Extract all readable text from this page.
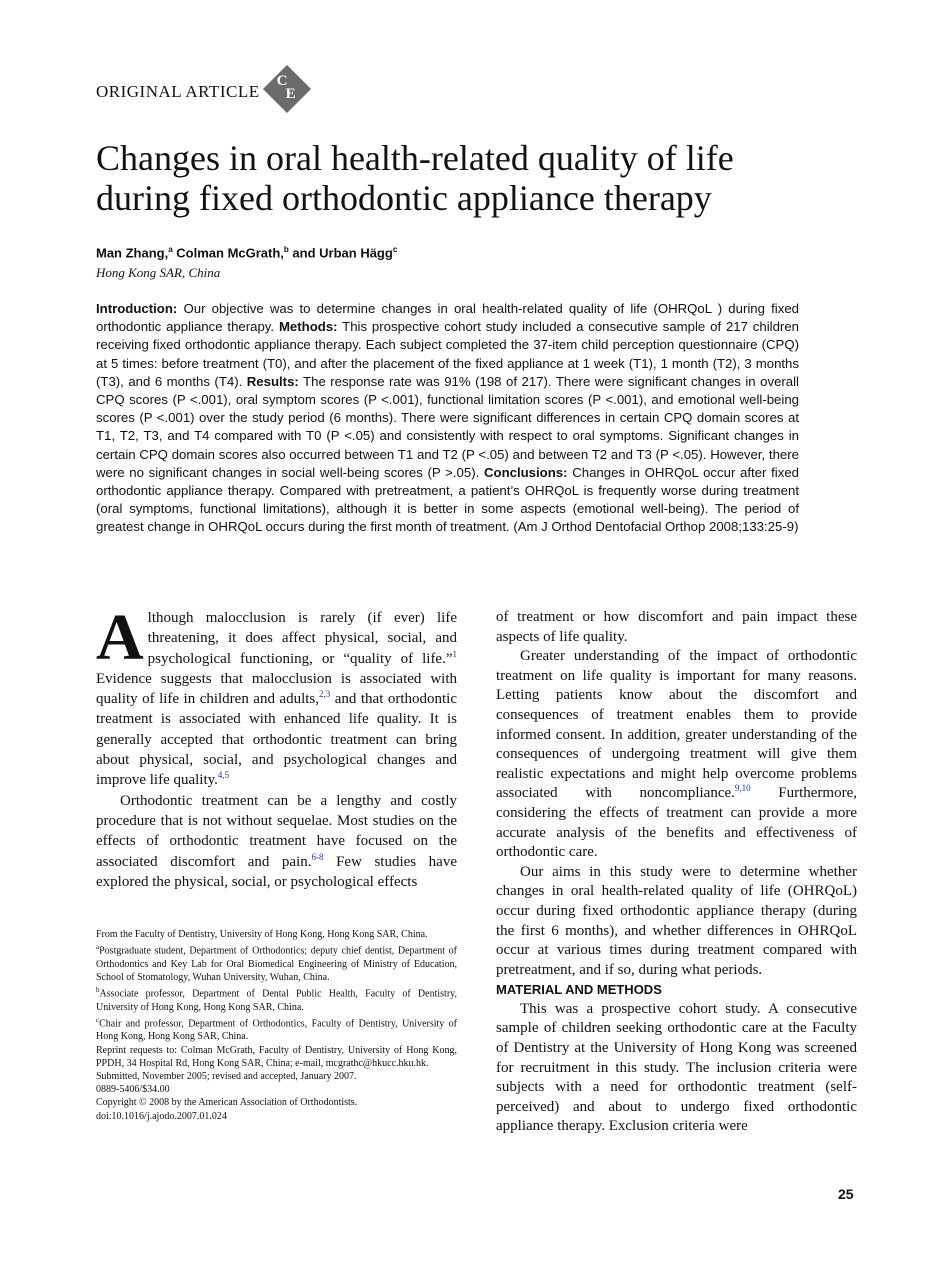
ORIGINAL ARTICLE
C
E
Changes in oral health-related quality of life
during fixed orthodontic appliance therapy
Man Zhang,$^a$ Colman McGrath,$^b$ and Urban Hägg$^c$
Hong Kong SAR, China

Introduction: Our objective was to determine changes in oral health-related quality of life (OHRQoL ) during fixed orthodontic appliance therapy. Methods: This prospective cohort study included a consecutive sample of 217 children receiving fixed orthodontic appliance therapy. Each subject completed the 37-item child perception questionnaire (CPQ) at 5 times: before treatment (T0), and after the placement of the fixed appliance at 1 week (T1), 1 month (T2), 3 months (T3), and 6 months (T4). Results: The response rate was 91% (198 of 217). There were significant changes in overall CPQ scores (P <.001), oral symptom scores (P <.001), functional limitation scores (P <.001), and emotional well-being scores (P <.001) over the study period (6 months). There were significant differences in certain CPQ domain scores at T1, T2, T3, and T4 compared with T0 (P <.05) and consistently with respect to oral symptoms. Significant changes in certain CPQ domain scores also occurred between T1 and T2 (P <.05) and between T2 and T3 (P <.05). However, there were no significant changes in social well-being scores (P >.05). Conclusions: Changes in OHRQoL occur after fixed orthodontic appliance therapy. Compared with pretreatment, a patient’s OHRQoL is frequently worse during treatment (oral symptoms, functional limitations), although it is better in some aspects (emotional well-being). The period of greatest change in OHRQoL occurs during the first month of treatment. (Am J Orthod Dentofacial Orthop 2008;133:25-9)

Although malocclusion is rarely (if ever) life threatening, it does affect physical, social, and psychological functioning, or “quality of life.”$^1$ Evidence suggests that malocclusion is associated with quality of life in children and adults,$^{2,3}$ and that orthodontic treatment is associated with enhanced life quality. It is generally accepted that orthodontic treatment can bring about physical, social, and psychological changes and improve life quality.$^{4,5}$

Orthodontic treatment can be a lengthy and costly procedure that is not without sequelae. Most studies on the effects of orthodontic treatment have focused on the associated discomfort and pain.$^{6-8}$ Few studies have explored the physical, social, or psychological effects

From the Faculty of Dentistry, University of Hong Kong, Hong Kong SAR, China.
$^a$Postgraduate student, Department of Orthodontics; deputy chief dentist, Department of Orthodontics and Key Lab for Oral Biomedical Engineering of Ministry of Education, School of Stomatology, Wuhan University, Wuhan, China.
$^b$Associate professor, Department of Dental Public Health, Faculty of Dentistry, University of Hong Kong, Hong Kong SAR, China.
$^c$Chair and professor, Department of Orthodontics, Faculty of Dentistry, University of Hong Kong, Hong Kong SAR, China.
Reprint requests to: Colman McGrath, Faculty of Dentistry, University of Hong Kong, PPDH, 34 Hospital Rd, Hong Kong SAR, China; e-mail, mcgrathc@hkucc.hku.hk.
Submitted, November 2005; revised and accepted, January 2007.
0889-5406/$34.00
Copyright © 2008 by the American Association of Orthodontists.
doi:10.1016/j.ajodo.2007.01.024

of treatment or how discomfort and pain impact these aspects of life quality.

Greater understanding of the impact of orthodontic treatment on life quality is important for many reasons. Letting patients know about the discomfort and consequences of treatment enables them to provide informed consent. In addition, greater understanding of the consequences of undergoing treatment will give them realistic expectations and might help overcome problems associated with noncompliance.$^{9,10}$ Furthermore, considering the effects of treatment can provide a more accurate analysis of the benefits and effectiveness of orthodontic care.

Our aims in this study were to determine whether changes in oral health-related quality of life (OHRQoL) occur during fixed orthodontic appliance therapy (during the first 6 months), and whether differences in OHRQoL occur at various times during treatment compared with pretreatment, and if so, during what periods.

MATERIAL AND METHODS

This was a prospective cohort study. A consecutive sample of children seeking orthodontic care at the Faculty of Dentistry at the University of Hong Kong was screened for recruitment in this study. The inclusion criteria were subjects with a need for orthodontic treatment (self-perceived) and about to undergo fixed orthodontic appliance therapy. Exclusion criteria were

25
